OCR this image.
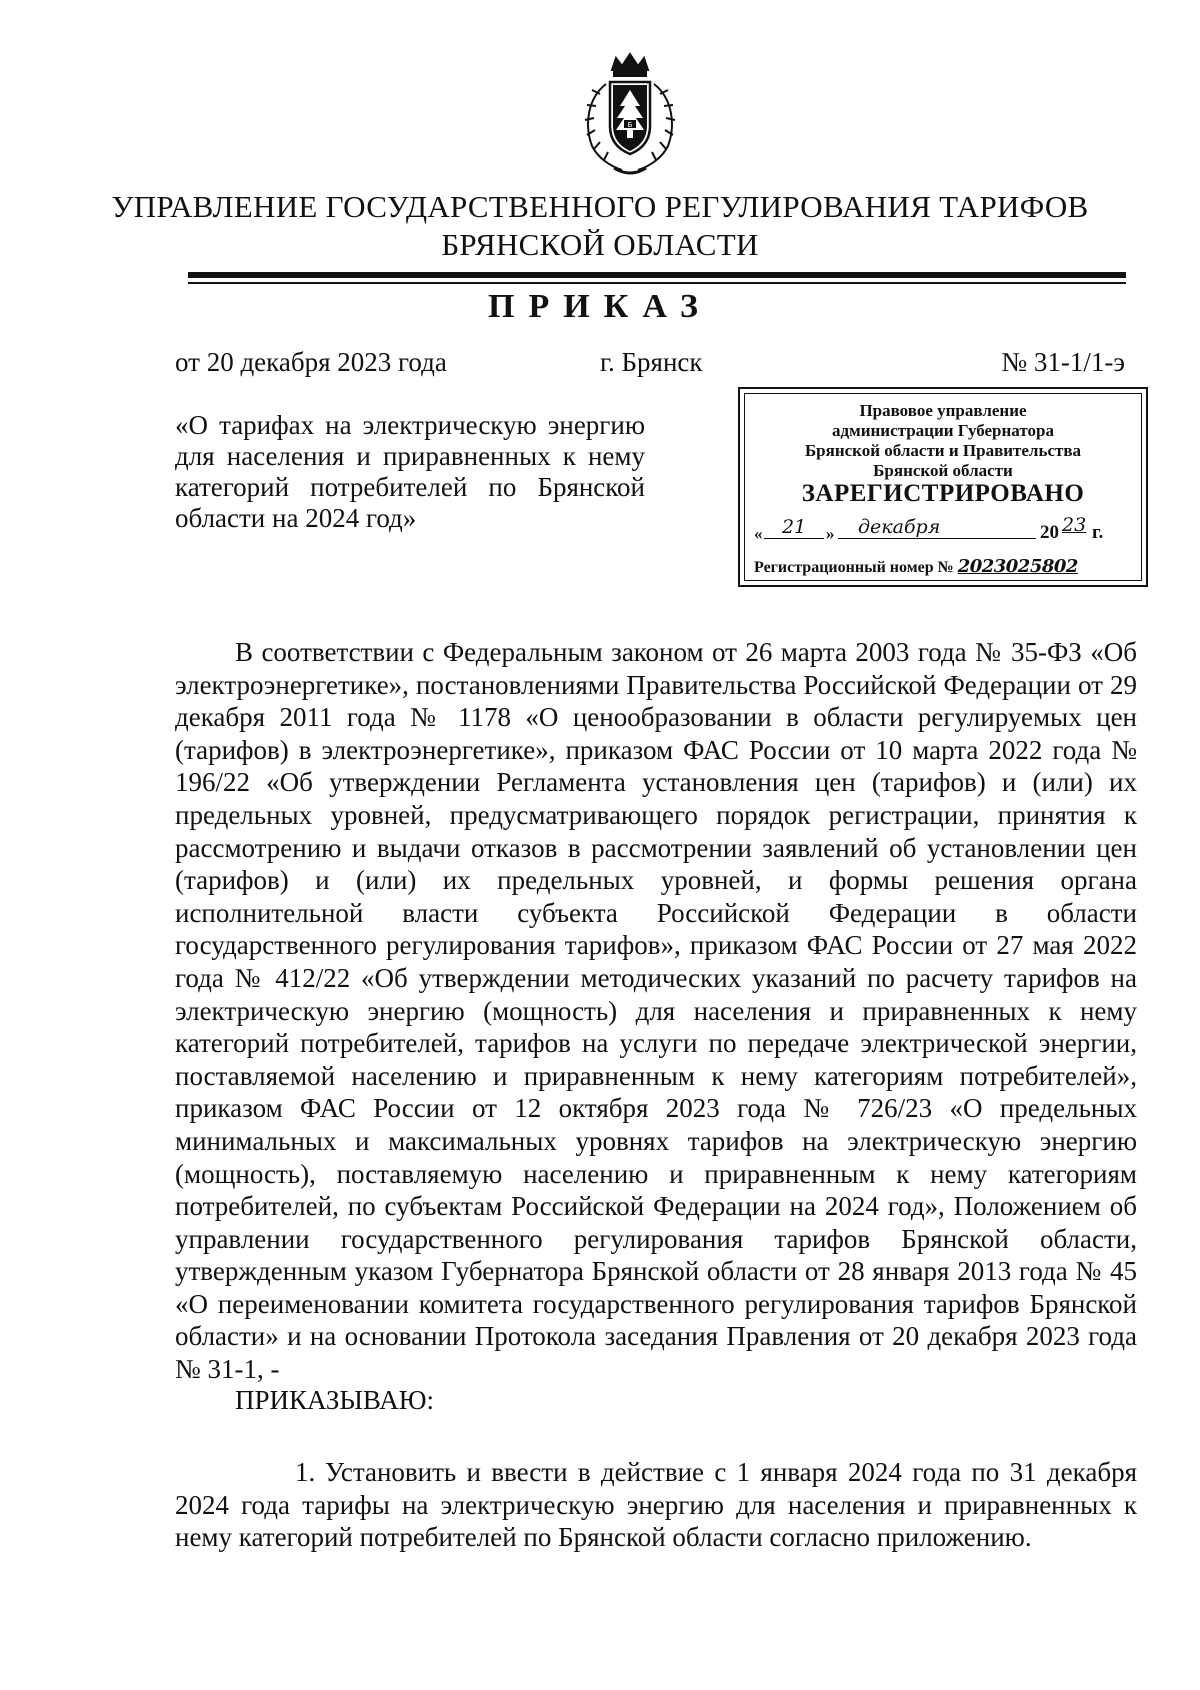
Б
УПРАВЛЕНИЕ ГОСУДАРСТВЕННОГО РЕГУЛИРОВАНИЯ ТАРИФОВ
БРЯНСКОЙ ОБЛАСТИ
ПРИКАЗ
от 20 декабря 2023 года	г. Брянск	№ 31-1/1-э
«О тарифах на электрическую энергию для населения и приравненных к нему категорий потребителей по Брянской области на 2024 год»
Правовое управление
администрации Губернатора
Брянской области и Правительства
Брянской области
ЗАРЕГИСТРИРОВАНО
« 21 » декабря	20 23 г.
Регистрационный номер № 2023025802

В соответствии с Федеральным законом от 26 марта 2003 года № 35-ФЗ «Об электроэнергетике», постановлениями Правительства Российской Федерации от 29 декабря 2011 года № 1178 «О ценообразовании в области регулируемых цен (тарифов) в электроэнергетике», приказом ФАС России от 10 марта 2022 года № 196/22 «Об утверждении Регламента установления цен (тарифов) и (или) их предельных уровней, предусматривающего порядок регистрации, принятия к рассмотрению и выдачи отказов в рассмотрении заявлений об установлении цен (тарифов) и (или) их предельных уровней, и формы решения органа исполнительной власти субъекта Российской Федерации в области государственного регулирования тарифов», приказом ФАС России от 27 мая 2022 года № 412/22 «Об утверждении методических указаний по расчету тарифов на электрическую энергию (мощность) для населения и приравненных к нему категорий потребителей, тарифов на услуги по передаче электрической энергии, поставляемой населению и приравненным к нему категориям потребителей», приказом ФАС России от 12 октября 2023 года № 726/23 «О предельных минимальных и максимальных уровнях тарифов на электрическую энергию (мощность), поставляемую населению и приравненным к нему категориям потребителей, по субъектам Российской Федерации на 2024 год», Положением об управлении государственного регулирования тарифов Брянской области, утвержденным указом Губернатора Брянской области от 28 января 2013 года № 45 «О переименовании комитета государственного регулирования тарифов Брянской области» и на основании Протокола заседания Правления от 20 декабря 2023 года № 31-1, -

ПРИКАЗЫВАЮ:

1. Установить и ввести в действие с 1 января 2024 года по 31 декабря 2024 года тарифы на электрическую энергию для населения и приравненных к нему категорий потребителей по Брянской области согласно приложению.
